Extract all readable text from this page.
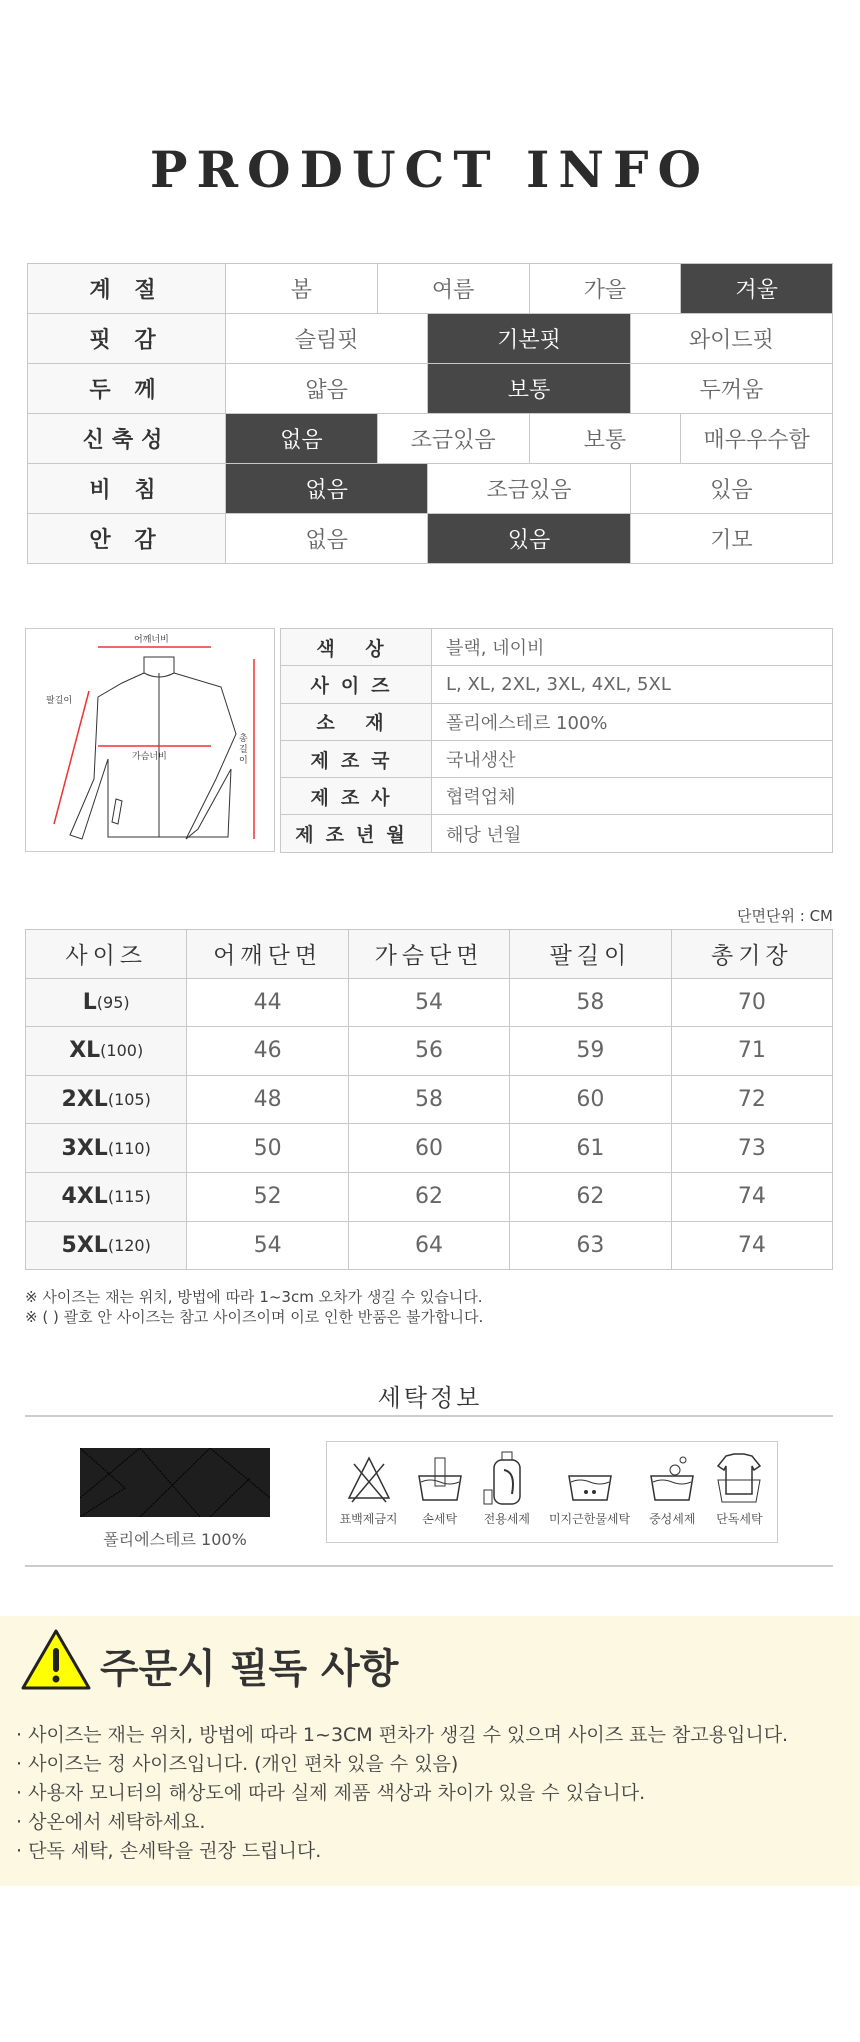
PRODUCT INFO
계 절	봄	여름	가을	겨울
핏 감	슬림핏	기본핏	와이드핏
두 께	얇음	보통	두꺼움
신축성	없음	조금있음	보통	매우우수함
비 침	없음	조금있음	있음
안 감	없음	있음	기모
어깨너비
가슴너비
팔길이
총길이
색 상	블랙, 네이비
사이즈	L, XL, 2XL, 3XL, 4XL, 5XL
소 재	폴리에스테르 100%
제조국	국내생산
제조사	협력업체
제조년월	해당 년월
단면단위 : CM
사이즈	어깨단면	가슴단면	팔길이	총기장
L (95)	44	54	58	70
XL (100)	46	56	59	71
2XL (105)	48	58	60	72
3XL (110)	50	60	61	73
4XL (115)	52	62	62	74
5XL (120)	54	64	63	74
※ 사이즈는 재는 위치, 방법에 따라 1~3cm 오차가 생길 수 있습니다.
※ ( ) 괄호 안 사이즈는 참고 사이즈이며 이로 인한 반품은 불가합니다.
세탁정보
폴리에스테르 100%
표백제금지 손세탁 전용세제 미지근한물세탁 중성세제 단독세탁
주문시 필독 사항
· 사이즈는 재는 위치, 방법에 따라 1~3CM 편차가 생길 수 있으며 사이즈 표는 참고용입니다.
· 사이즈는 정 사이즈입니다. (개인 편차 있을 수 있음)
· 사용자 모니터의 해상도에 따라 실제 제품 색상과 차이가 있을 수 있습니다.
· 상온에서 세탁하세요.
· 단독 세탁, 손세탁을 권장 드립니다.
